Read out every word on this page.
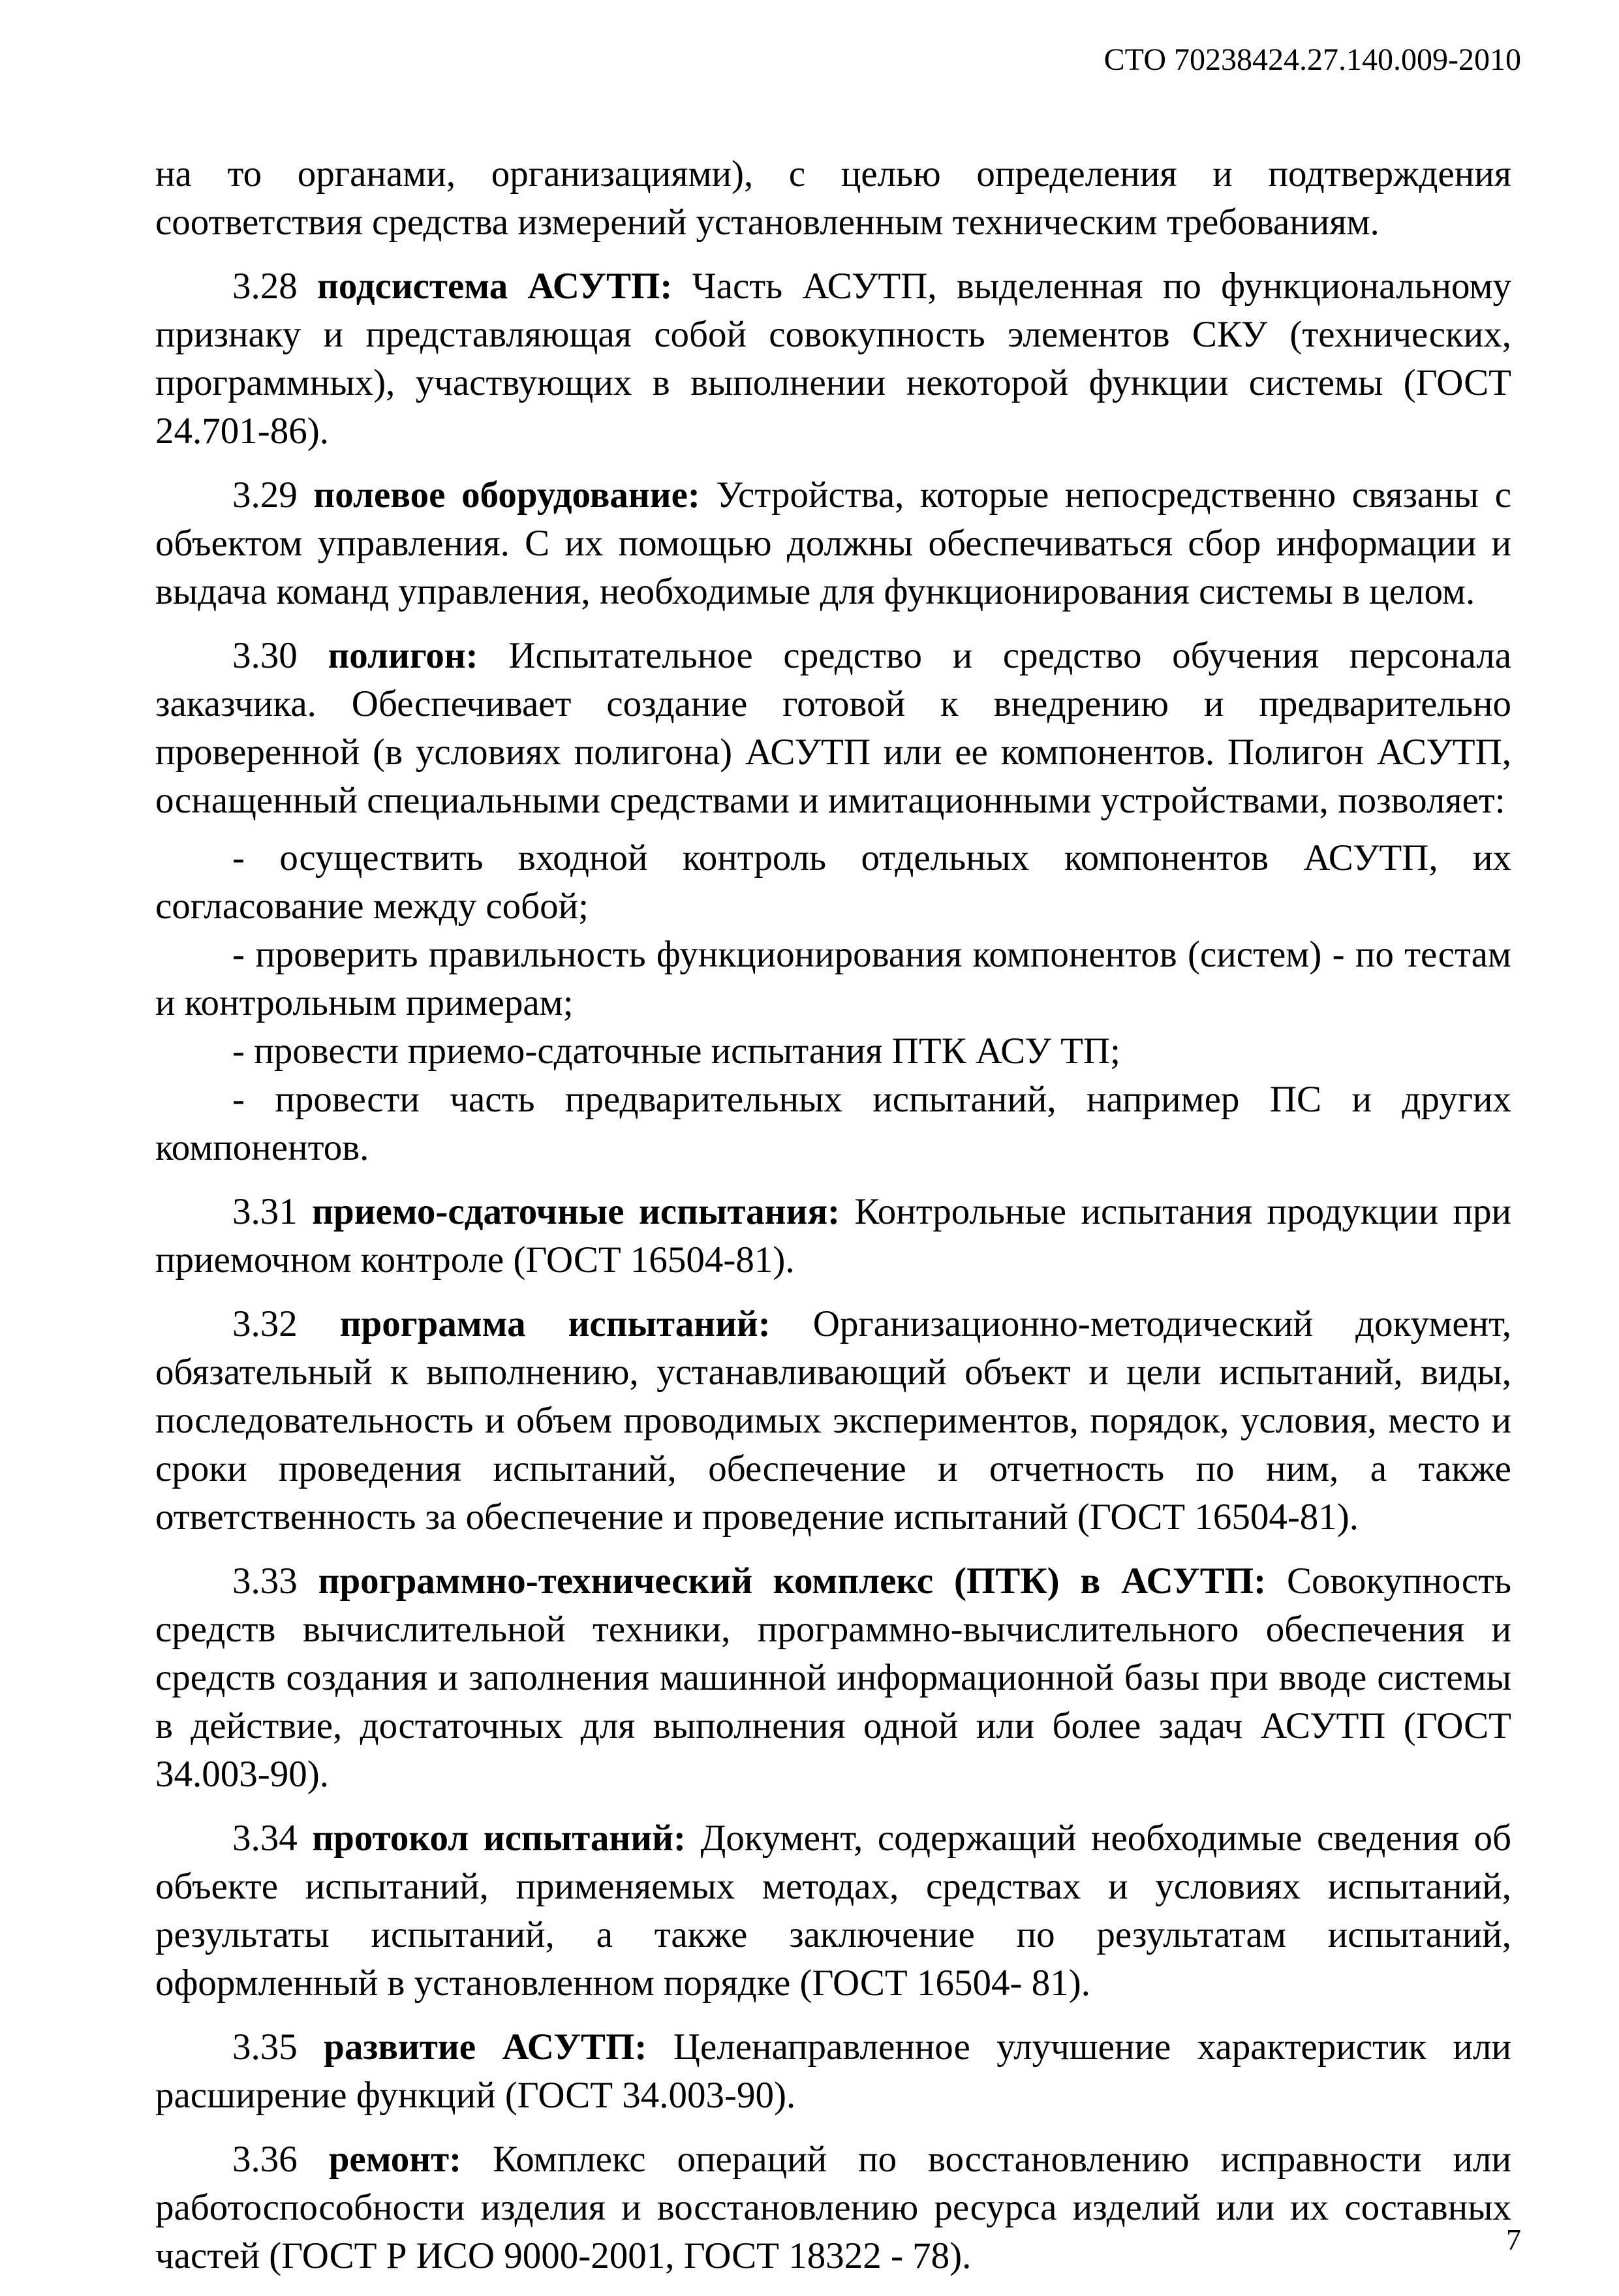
СТО 70238424.27.140.009-2010

на то органами, организациями), с целью определения и подтверждения соответствия средства измерений установленным техническим требованиям.

3.28 подсистема АСУТП: Часть АСУТП, выделенная по функциональному признаку и представляющая собой совокупность элементов СКУ (технических, программных), участвующих в выполнении некоторой функции системы (ГОСТ 24.701-86).

3.29 полевое оборудование: Устройства, которые непосредственно связаны с объектом управления. С их помощью должны обеспечиваться сбор информации и выдача команд управления, необходимые для функционирования системы в целом.

3.30 полигон: Испытательное средство и средство обучения персонала заказчика. Обеспечивает создание готовой к внедрению и предварительно проверенной (в условиях полигона) АСУТП или ее компонентов. Полигон АСУТП, оснащенный специальными средствами и имитационными устройствами, позволяет:

- осуществить входной контроль отдельных компонентов АСУТП, их согласование между собой;
- проверить правильность функционирования компонентов (систем) - по тестам и контрольным примерам;
- провести приемо-сдаточные испытания ПТК АСУ ТП;
- провести часть предварительных испытаний, например ПС и других компонентов.

3.31 приемо-сдаточные испытания: Контрольные испытания продукции при приемочном контроле (ГОСТ 16504-81).

3.32 программа испытаний: Организационно-методический документ, обязательный к выполнению, устанавливающий объект и цели испытаний, виды, последовательность и объем проводимых экспериментов, порядок, условия, место и сроки проведения испытаний, обеспечение и отчетность по ним, а также ответственность за обеспечение и проведение испытаний (ГОСТ 16504-81).

3.33 программно-технический комплекс (ПТК) в АСУТП: Совокупность средств вычислительной техники, программно-вычислительного обеспечения и средств создания и заполнения машинной информационной базы при вводе системы в действие, достаточных для выполнения одной или более задач АСУТП (ГОСТ 34.003-90).

3.34 протокол испытаний: Документ, содержащий необходимые сведения об объекте испытаний, применяемых методах, средствах и условиях испытаний, результаты испытаний, а также заключение по результатам испытаний, оформленный в установленном порядке (ГОСТ 16504- 81).

3.35 развитие АСУТП: Целенаправленное улучшение характеристик или расширение функций (ГОСТ 34.003-90).

3.36 ремонт: Комплекс операций по восстановлению исправности или работоспособности изделия и восстановлению ресурса изделий или их составных частей (ГОСТ Р ИСО 9000-2001, ГОСТ 18322 - 78).	7
